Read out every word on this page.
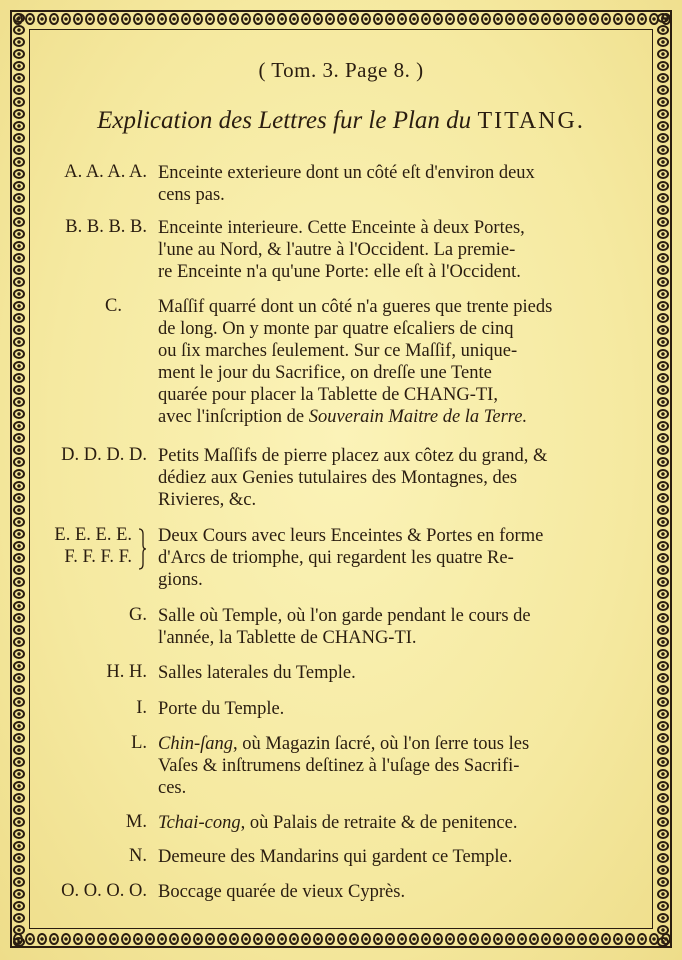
( Tom. 3. Page 8. )
Explication des Lettres fur le Plan du TITANG.
A. A. A. A. Enceinte exterieure dont un côté eſt d'environ deux
cens pas.
B. B. B. B. Enceinte interieure. Cette Enceinte à deux Portes,
l'une au Nord, & l'autre à l'Occident. La premie-
re Enceinte n'a qu'une Porte: elle eſt à l'Occident.
C. Maſſif quarré dont un côté n'a gueres que trente pieds
de long. On y monte par quatre eſcaliers de cinq
ou ſix marches ſeulement. Sur ce Maſſif, unique-
ment le jour du Sacrifice, on dreſſe une Tente
quarée pour placer la Tablette de CHANG-TI,
avec l'inſcription de Souverain Maitre de la Terre.
D. D. D. D. Petits Maſſifs de pierre placez aux côtez du grand, &
dédiez aux Genies tutulaires des Montagnes, des
Rivieres, &c.
E. E. E. E.
F. F. F. F.
Deux Cours avec leurs Enceintes & Portes en forme
d'Arcs de triomphe, qui regardent les quatre Re-
gions.
G. Salle où Temple, où l'on garde pendant le cours de
l'année, la Tablette de CHANG-TI.
H. H. Salles laterales du Temple.
I. Porte du Temple.
L. Chin-ſang, où Magazin ſacré, où l'on ſerre tous les
Vaſes & inſtrumens deſtinez à l'uſage des Sacrifi-
ces.
M. Tchai-cong, où Palais de retraite & de penitence.
N. Demeure des Mandarins qui gardent ce Temple.
O. O. O. O. Boccage quarée de vieux Cyprès.
